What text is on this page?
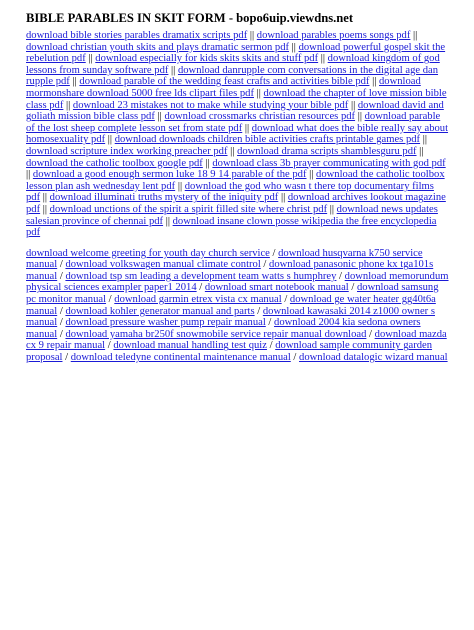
BIBLE PARABLES IN SKIT FORM - bopo6uip.viewdns.net
download bible stories parables dramatix scripts pdf || download parables poems songs pdf || download christian youth skits and plays dramatic sermon pdf || download powerful gospel skit the rebelution pdf || download especially for kids skits skits and stuff pdf || download kingdom of god lessons from sunday software pdf || download danrupple com conversations in the digital age dan rupple pdf || download parable of the wedding feast crafts and activities bible pdf || download mormonshare download 5000 free lds clipart files pdf || download the chapter of love mission bible class pdf || download 23 mistakes not to make while studying your bible pdf || download david and goliath mission bible class pdf || download crossmarks christian resources pdf || download parable of the lost sheep complete lesson set from state pdf || download what does the bible really say about homosexuality pdf || download downloads children bible activities crafts printable games pdf || download scripture index working preacher pdf || download drama scripts shamblesguru pdf || download the catholic toolbox google pdf || download class 3b prayer communicating with god pdf || download a good enough sermon luke 18 9 14 parable of the pdf || download the catholic toolbox lesson plan ash wednesday lent pdf || download the god who wasn t there top documentary films pdf || download illuminati truths mystery of the iniquity pdf || download archives lookout magazine pdf || download unctions of the spirit a spirit filled site where christ pdf || download news updates salesian province of chennai pdf || download insane clown posse wikipedia the free encyclopedia pdf
download welcome greeting for youth day church service / download husqvarna k750 service manual / download volkswagen manual climate control / download panasonic phone kx tga101s manual / download tsp sm leading a development team watts s humphrey / download memorundum physical sciences exampler paper1 2014 / download smart notebook manual / download samsung pc monitor manual / download garmin etrex vista cx manual / download ge water heater gg40t6a manual / download kohler generator manual and parts / download kawasaki 2014 z1000 owner s manual / download pressure washer pump repair manual / download 2004 kia sedona owners manual / download yamaha br250f snowmobile service repair manual download / download mazda cx 9 repair manual / download manual handling test quiz / download sample community garden proposal / download teledyne continental maintenance manual / download datalogic wizard manual
